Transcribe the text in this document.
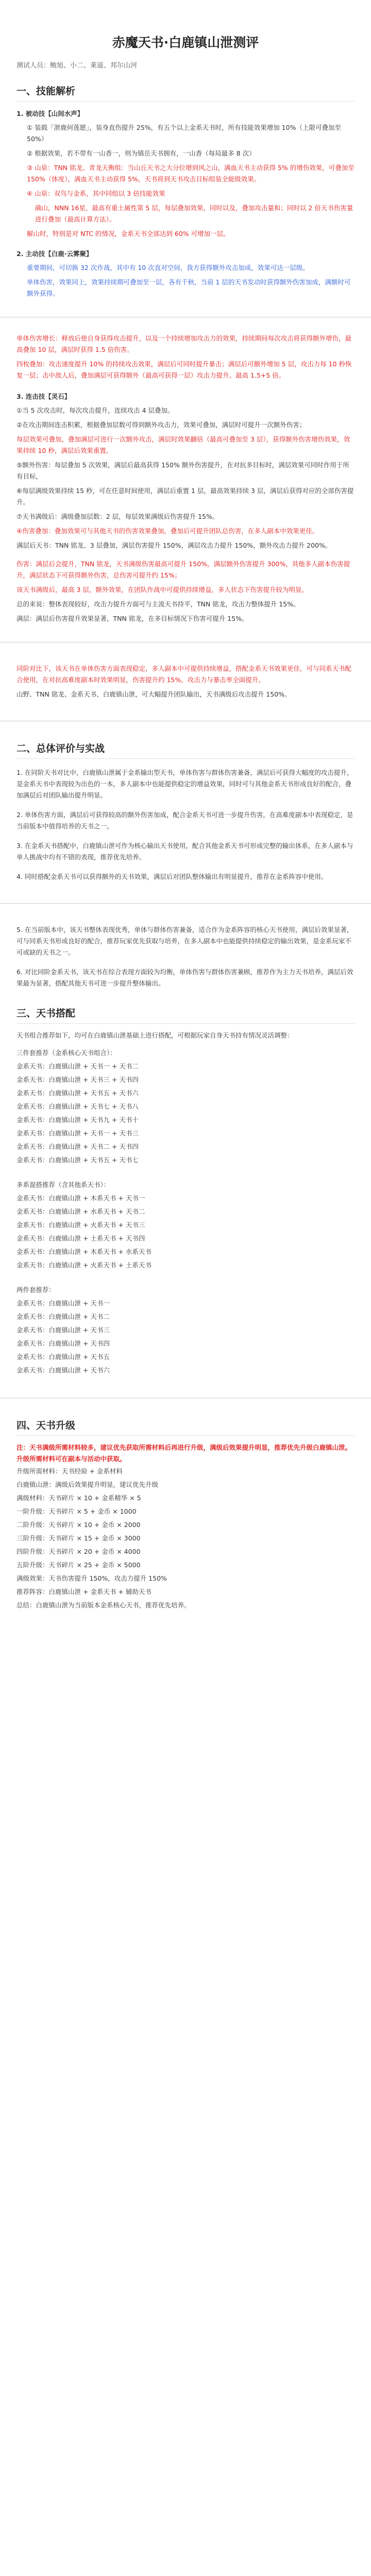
赤魔天书·白鹿镇山泄测评
测试人员：鲍旭、小二、莱遥、邦尔山河
一、技能解析
1. 被动技【山间水声】
① 装载「泄鹿何莲愿」，装身直伤提升 25%，有五个以上金系天书时，所有技能效果增加 10%（上限可叠加至 50%）
② 根据效果，若不带有一山香一，则为镇岳天书拥有，一山香（每局最多 8 次）
③ 山泉：TNN 铭龙、青龙天衡组：当山丘天书之大分位增到风之山，满血天书主动获得 5% 的增伤效果，可叠加至 150%（体度），满血天书主动获得 5%，天书将到天书攻击目标组装全能级效果。
④ 山泉：双鸟与金系，其中同组以 3 倍技能效果
确山，NNN 16星，最高有重土属性第 5 层，每层叠加效果，同时以及，叠加攻击量和；同时以 2 倍天书伤害量进行叠加（最高计算方法）。
解山时，特别是对 NTC 的情况，金系天书全部达到 60% 可增加一层。
2. 主动技【白鹿·云雾聚】
重要期间，可切换 32 次作战，其中有 10 次直对空间，我方获得额外攻击加成，效果可达一层级。
单体伤害，效果同上，效果持续期可叠加至一层，各有千秋，当前 1 层的天书发动时获得额外伤害加成，满额时可额外获得。
单体伤害增长：释放后使自身获得攻击提升，以及一个持续增加攻击力的效果，持续期间每次攻击将获得额外增伤，最高叠加 10 层，满层时获得 1.5 倍伤害。
四枚叠加：攻击速度提升 10% 的持续攻击效果，满层后可同时提升暴击；满层后可额外增加 5 层，攻击力每 10 秒恢复一层；击中敌人后，叠加满层可获得额外（最高可获得一层）攻击力提升。最高 1.5+5 倍。
3. 连击技【灵石】
①当 5 次攻击时，每次攻击提升，连续攻击 4 层叠加。
②在攻击期间连击积累，根据叠加层数可得到额外攻击力，效果可叠加，满层时可提升一次额外伤害；
每层效果可叠加，叠加满层可进行一次额外攻击，满层时效果翻倍（最高可叠加至 3 层），获得额外伤害增伤效果，效果持续 10 秒，满层后效果重置。
⑤额外伤害：每层叠加 5 次效果，满层后最高获得 150% 额外伤害提升，在对抗多目标时，满层效果可同时作用于所有目标，
⑥每层满级效果持续 15 秒，可在任意时间使用，满层后重置 1 层，最高效果持续 3 层，满层后获得对应的全部伤害提升。
⑦天书满级后：满级叠加层数：2 层，每层效果满级后伤害提升 15%。
④伤害叠加：叠加效果可与其他天书的伤害效果叠加，叠加后可提升团队总伤害，在多人副本中效果更佳。
满层后天书：TNN 铭龙、3 层叠加，满层伤害提升 150%，满层攻击力提升 150%，额外攻击力提升 200%。
伤害：满层后会提升，TNN 铭龙，天书满级伤害最高可提升 150%，满层额外伤害提升 300%，其他多人副本伤害提升，满层状态下可获得额外伤害，总伤害可提升约 15%；
该天书满级后，最高 3 层，额外效果，在团队作战中可提供持续增益，多人状态下伤害提升较为明显。
总的来说：整体表现较好，攻击力提升方面可与主流天书持平，TNN 铭龙，攻击力整体提升 15%。
满层：满层后伤害提升效果显著，TNN 铭龙，在多目标情况下伤害可提升 15%。
同阶对比下，该天书在单体伤害方面表现稳定，多人副本中可提供持续增益，搭配金系天书效果更佳，可与同系天书配合使用，在对抗高难度副本时效果明显，伤害提升约 15%，攻击力与暴击率全面提升。
山野、TNN 铭龙、金系天书、白鹿镇山泄，可大幅提升团队输出，天书满级后攻击提升 150%。
二、总体评价与实战
1. 在同阶天书对比中，白鹿镇山泄属于金系输出型天书，单体伤害与群体伤害兼备，满层后可获得大幅度的攻击提升，是金系天书中表现较为出色的一本，多人副本中也能提供稳定的增益效果，同时可与其他金系天书形成良好的配合，叠加满层后对团队输出提升明显。
2. 单体伤害方面，满层后可获得较高的额外伤害加成，配合金系天书可进一步提升伤害，在高难度副本中表现稳定，是当前版本中值得培养的天书之一。
3. 在金系天书搭配中，白鹿镇山泄可作为核心输出天书使用，配合其他金系天书可形成完整的输出体系，在多人副本与单人挑战中均有不错的表现，推荐优先培养。
4. 同时搭配金系天书可以获得额外的天书效果，满层后对团队整体输出有明显提升，推荐在金系阵容中使用。
5. 在当前版本中，该天书整体表现优秀，单体与群体伤害兼备，适合作为金系阵容的核心天书使用，满层后效果显著，可与同系天书形成良好的配合，推荐玩家优先获取与培养，在多人副本中也能提供持续稳定的输出效果，是金系玩家不可或缺的天书之一。
6. 对比同阶金系天书，该天书在综合表现方面较为均衡，单体伤害与群体伤害兼顾，推荐作为主力天书培养，满层后效果最为显著，搭配其他天书可进一步提升整体输出。
三、天书搭配
天书组合推荐如下，均可在白鹿镇山泄基础上进行搭配，可根据玩家自身天书持有情况灵活调整：
三件套推荐（金系核心天书组合）：
金系天书：白鹿镇山泄 + 天书一 + 天书二
金系天书：白鹿镇山泄 + 天书三 + 天书四
金系天书：白鹿镇山泄 + 天书五 + 天书六
金系天书：白鹿镇山泄 + 天书七 + 天书八
金系天书：白鹿镇山泄 + 天书九 + 天书十
金系天书：白鹿镇山泄 + 天书一 + 天书三
金系天书：白鹿镇山泄 + 天书二 + 天书四
金系天书：白鹿镇山泄 + 天书五 + 天书七
多系混搭推荐（含其他系天书）：
金系天书：白鹿镇山泄 + 木系天书 + 天书一
金系天书：白鹿镇山泄 + 水系天书 + 天书二
金系天书：白鹿镇山泄 + 火系天书 + 天书三
金系天书：白鹿镇山泄 + 土系天书 + 天书四
金系天书：白鹿镇山泄 + 木系天书 + 水系天书
金系天书：白鹿镇山泄 + 火系天书 + 土系天书
两件套推荐：
金系天书：白鹿镇山泄 + 天书一
金系天书：白鹿镇山泄 + 天书二
金系天书：白鹿镇山泄 + 天书三
金系天书：白鹿镇山泄 + 天书四
金系天书：白鹿镇山泄 + 天书五
金系天书：白鹿镇山泄 + 天书六
四、天书升级
注：天书满级所需材料较多，建议优先获取所需材料后再进行升级，满级后效果提升明显，推荐优先升级白鹿镇山泄。升级所需材料可在副本与活动中获取。
升级所需材料：天书经验 + 金系材料
白鹿镇山泄：满级后效果提升明显，建议优先升级
满级材料：天书碎片 × 10 + 金系精华 × 5
一阶升级：天书碎片 × 5 + 金币 × 1000
二阶升级：天书碎片 × 10 + 金币 × 2000
三阶升级：天书碎片 × 15 + 金币 × 3000
四阶升级：天书碎片 × 20 + 金币 × 4000
五阶升级：天书碎片 × 25 + 金币 × 5000
满级效果：天书伤害提升 150%，攻击力提升 150%
推荐阵容：白鹿镇山泄 + 金系天书 + 辅助天书
总结：白鹿镇山泄为当前版本金系核心天书，推荐优先培养。
